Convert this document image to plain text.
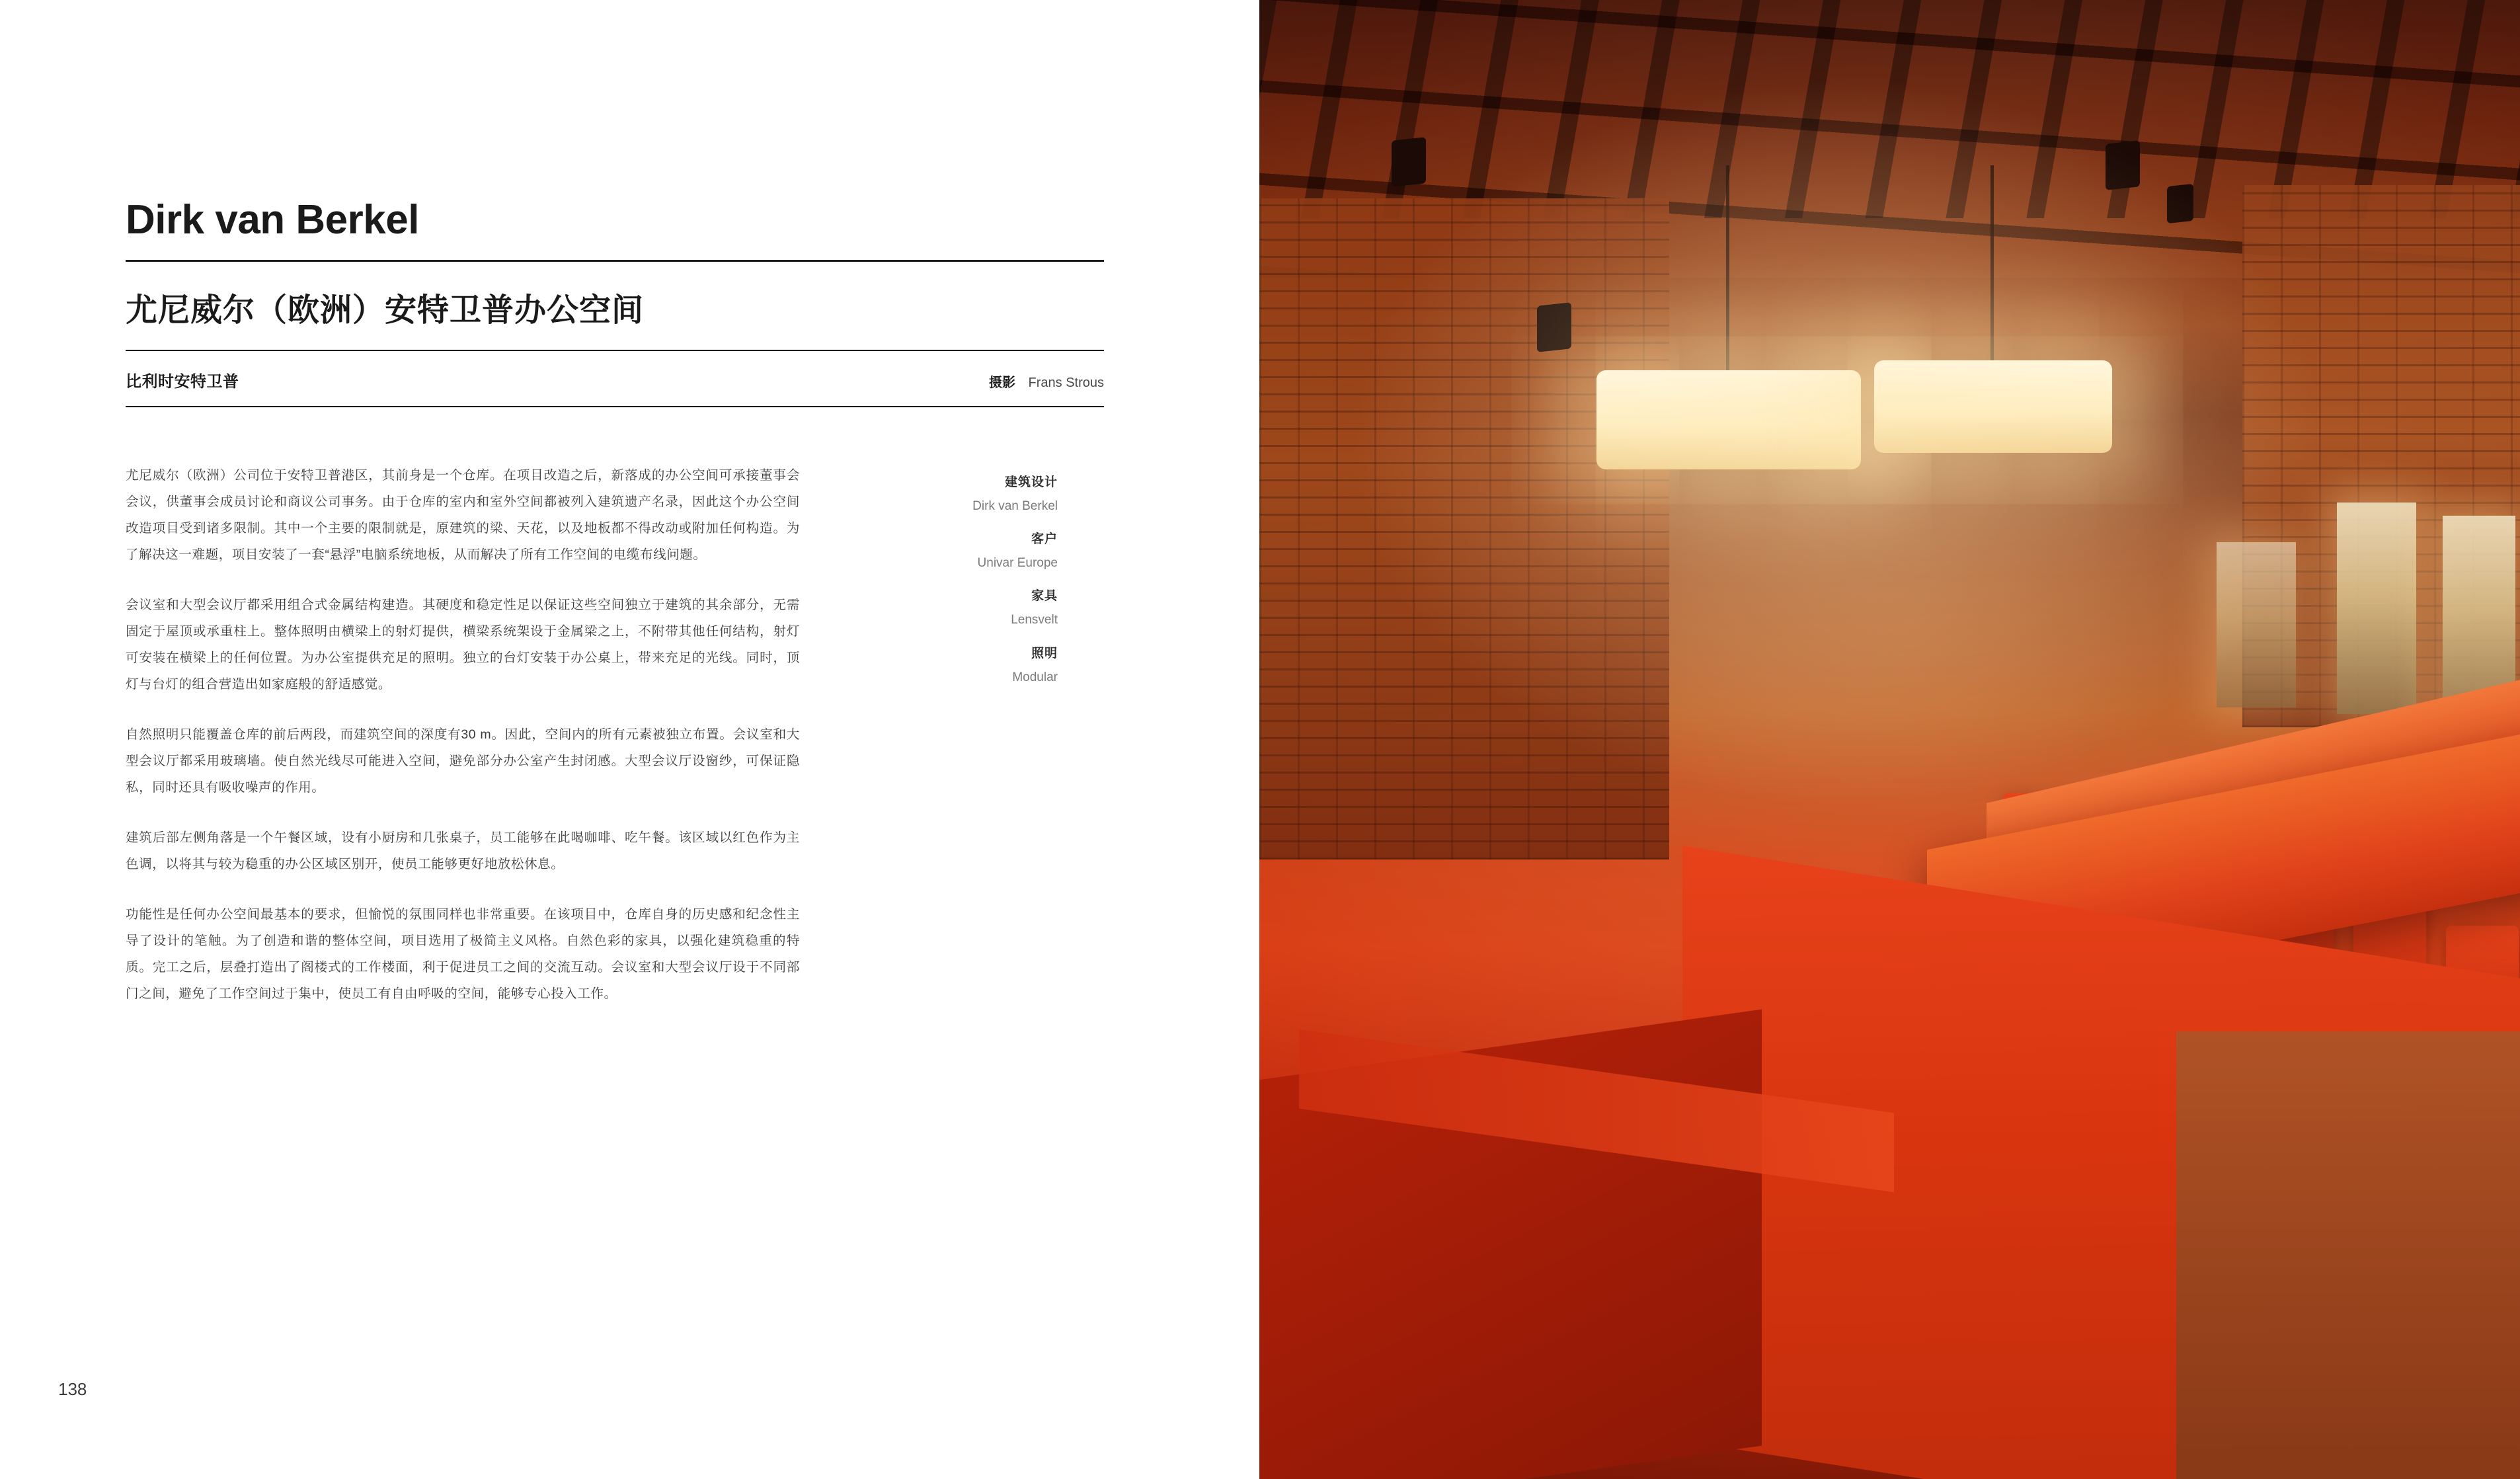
Dirk van Berkel
尤尼威尔（欧洲）安特卫普办公空间
比利时安特卫普	摄影 Frans Strous

尤尼威尔（欧洲）公司位于安特卫普港区，其前身是一个仓库。在项目改造之后，新落成的办公空间可承接董事会会议，供董事会成员讨论和商议公司事务。由于仓库的室内和室外空间都被列入建筑遗产名录，因此这个办公空间改造项目受到诸多限制。其中一个主要的限制就是，原建筑的梁、天花，以及地板都不得改动或附加任何构造。为了解决这一难题，项目安装了一套“悬浮”电脑系统地板，从而解决了所有工作空间的电缆布线问题。

会议室和大型会议厅都采用组合式金属结构建造。其硬度和稳定性足以保证这些空间独立于建筑的其余部分，无需固定于屋顶或承重柱上。整体照明由横梁上的射灯提供，横梁系统架设于金属梁之上，不附带其他任何结构，射灯可安装在横梁上的任何位置。为办公室提供充足的照明。独立的台灯安装于办公桌上，带来充足的光线。同时，顶灯与台灯的组合营造出如家庭般的舒适感觉。

自然照明只能覆盖仓库的前后两段，而建筑空间的深度有30 m。因此，空间内的所有元素被独立布置。会议室和大型会议厅都采用玻璃墙。使自然光线尽可能进入空间，避免部分办公室产生封闭感。大型会议厅设窗纱，可保证隐私，同时还具有吸收噪声的作用。

建筑后部左侧角落是一个午餐区域，设有小厨房和几张桌子，员工能够在此喝咖啡、吃午餐。该区域以红色作为主色调，以将其与较为稳重的办公区域区别开，使员工能够更好地放松休息。

功能性是任何办公空间最基本的要求，但愉悦的氛围同样也非常重要。在该项目中，仓库自身的历史感和纪念性主导了设计的笔触。为了创造和谐的整体空间，项目选用了极简主义风格。自然色彩的家具，以强化建筑稳重的特质。完工之后，层叠打造出了阁楼式的工作楼面，利于促进员工之间的交流互动。会议室和大型会议厅设于不同部门之间，避免了工作空间过于集中，使员工有自由呼吸的空间，能够专心投入工作。

建筑设计
Dirk van Berkel
客户
Univar Europe
家具
Lensvelt
照明
Modular
138
